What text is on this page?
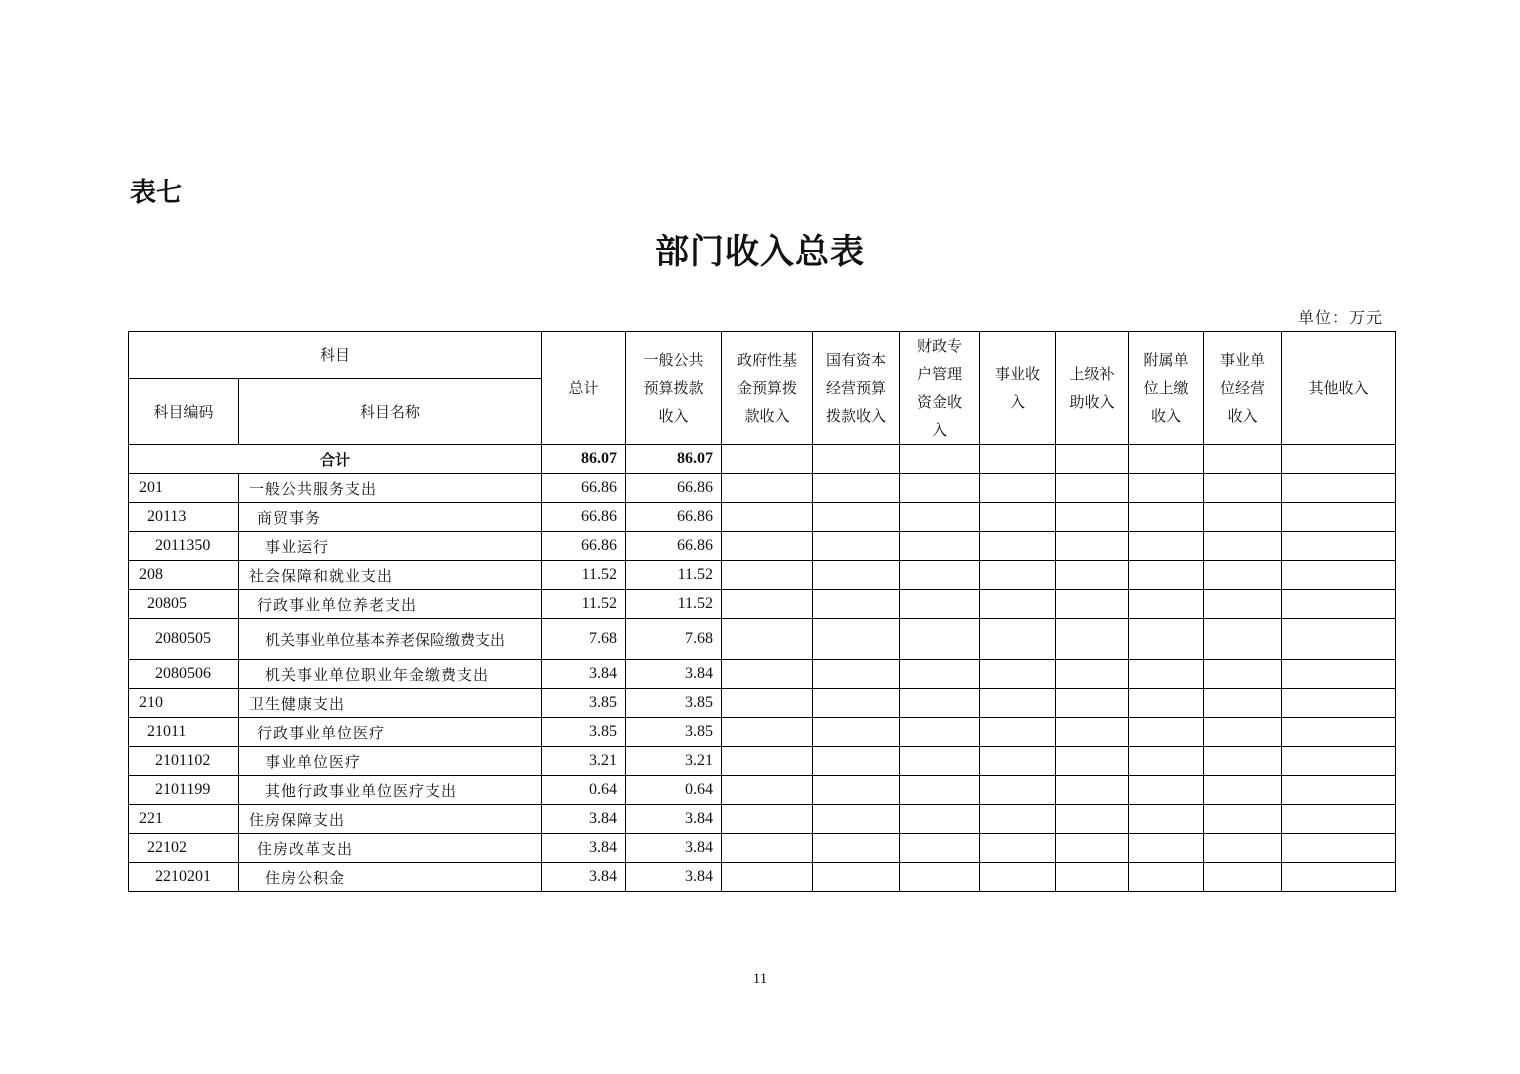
表七
部门收入总表
单位：万元
科目		总计	一般公共预算拨款收入	政府性基金预算拨款收入	国有资本经营预算拨款收入	财政专户管理资金收入	事业收入	上级补助收入	附属单位上缴收入	事业单位经营收入	其他收入
科目编码	科目名称										
合计		86.07	86.07								
201	一般公共服务支出	66.86	66.86								
20113	商贸事务	66.86	66.86								
2011350	事业运行	66.86	66.86								
208	社会保障和就业支出	11.52	11.52								
20805	行政事业单位养老支出	11.52	11.52								
2080505	机关事业单位基本养老保险缴费支出	7.68	7.68								
2080506	机关事业单位职业年金缴费支出	3.84	3.84								
210	卫生健康支出	3.85	3.85								
21011	行政事业单位医疗	3.85	3.85								
2101102	事业单位医疗	3.21	3.21								
2101199	其他行政事业单位医疗支出	0.64	0.64								
221	住房保障支出	3.84	3.84								
22102	住房改革支出	3.84	3.84								
2210201	住房公积金	3.84	3.84								
11
